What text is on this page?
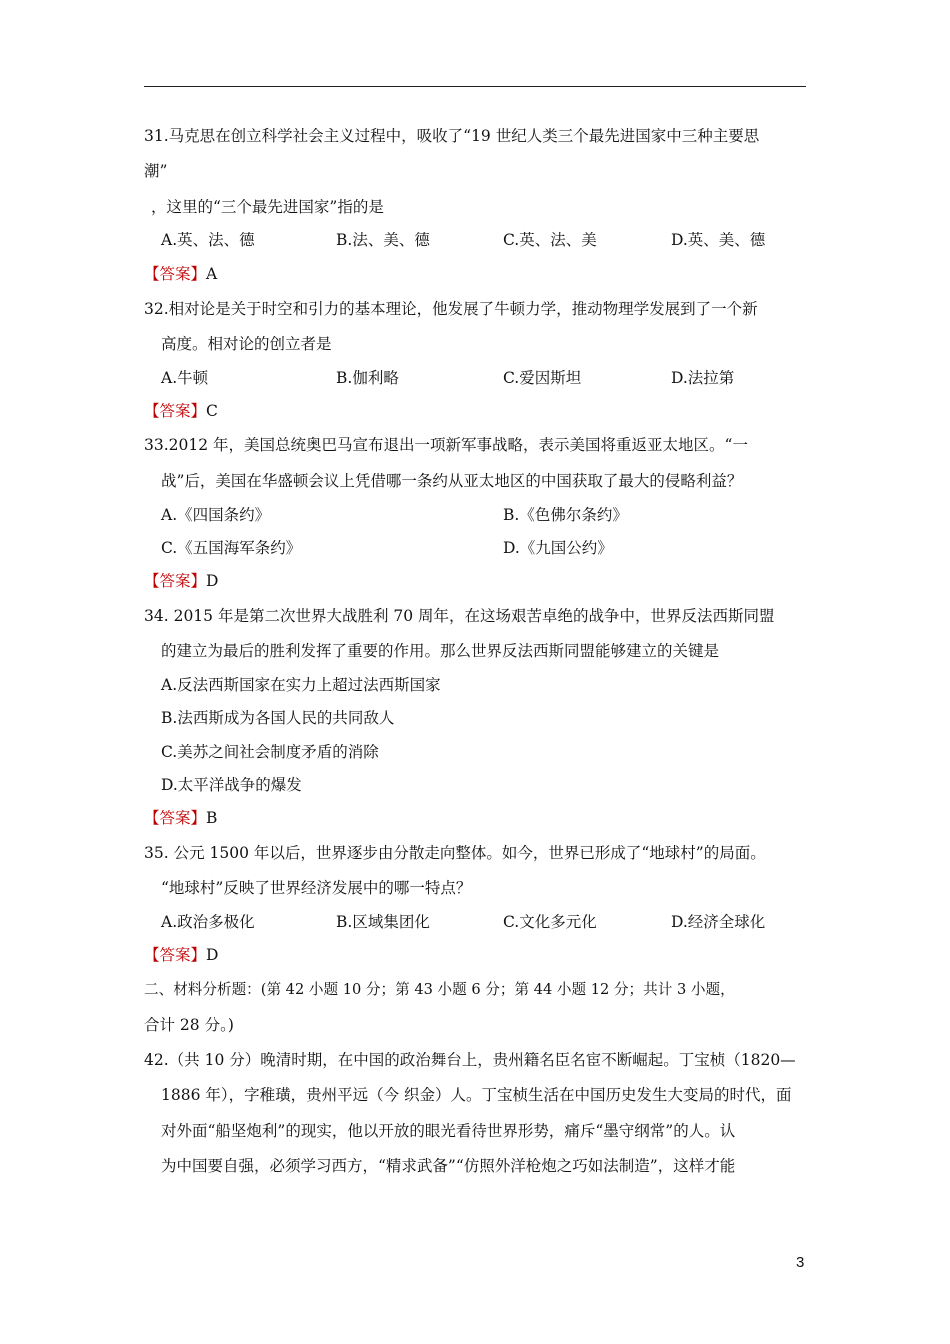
31.马克思在创立科学社会主义过程中，吸收了“19 世纪人类三个最先进国家中三种主要思
潮”
，这里的“三个最先进国家”指的是
A.英、法、德	B.法、美、德	C.英、法、美	D.英、美、德
【答案】A
32.相对论是关于时空和引力的基本理论，他发展了牛顿力学，推动物理学发展到了一个新
高度。相对论的创立者是
A.牛顿	B.伽利略	C.爱因斯坦	D.法拉第
【答案】C
33.2012 年，美国总统奥巴马宣布退出一项新军事战略，表示美国将重返亚太地区。“一
战”后，美国在华盛顿会议上凭借哪一条约从亚太地区的中国获取了最大的侵略利益？
A.《四国条约》	B.《色佛尔条约》
C.《五国海军条约》	D.《九国公约》
【答案】D
34. 2015 年是第二次世界大战胜利 70 周年，在这场艰苦卓绝的战争中，世界反法西斯同盟
的建立为最后的胜利发挥了重要的作用。那么世界反法西斯同盟能够建立的关键是
A.反法西斯国家在实力上超过法西斯国家
B.法西斯成为各国人民的共同敌人
C.美苏之间社会制度矛盾的消除
D.太平洋战争的爆发
【答案】B
35. 公元 1500 年以后，世界逐步由分散走向整体。如今，世界已形成了“地球村”的局面。
“地球村”反映了世界经济发展中的哪一特点？
A.政治多极化	B.区域集团化	C.文化多元化	D.经济全球化
【答案】D
二、材料分析题：(第 42 小题 10 分；第 43 小题 6 分；第 44 小题 12 分；共计 3 小题，
合计 28 分。)
42.（共 10 分）晚清时期，在中国的政治舞台上，贵州籍名臣名宦不断崛起。丁宝桢（1820—
1886 年），字稚璜，贵州平远（今 织金）人。丁宝桢生活在中国历史发生大变局的时代，面
对外面“船坚炮利”的现实，他以开放的眼光看待世界形势，痛斥“墨守纲常”的人。认
为中国要自强，必须学习西方，“精求武备”“仿照外洋枪炮之巧如法制造”，这样才能
3
